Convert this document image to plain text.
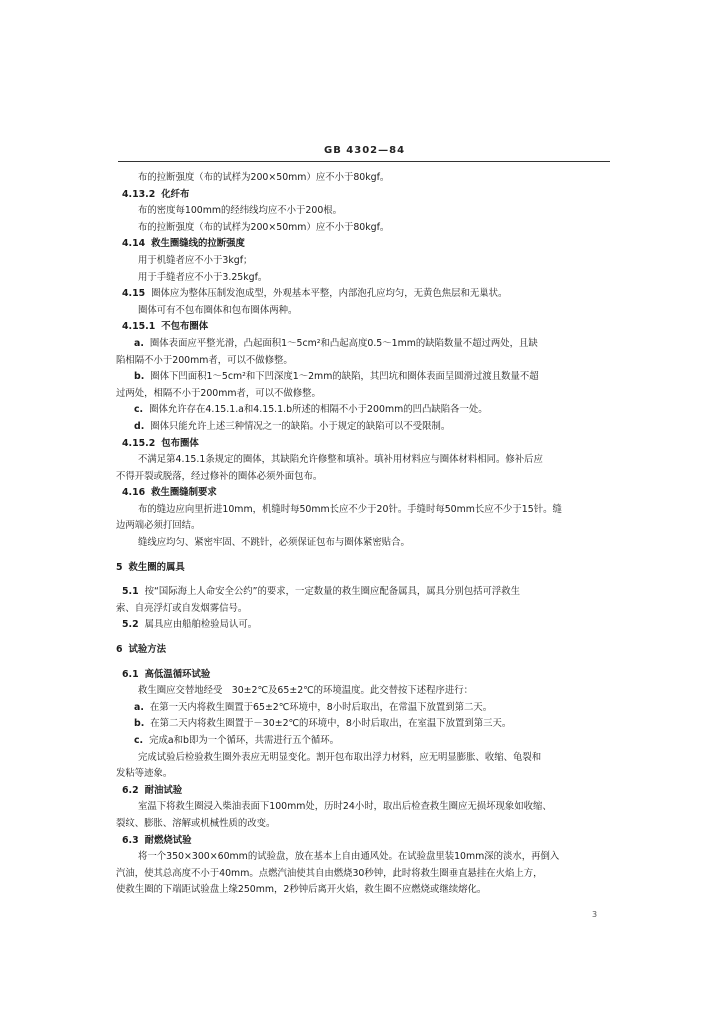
GB 4302—84
布的拉断强度（布的试样为200×50mm）应不小于80kgf。
4.13.2 化纤布
布的密度每100mm的经纬线均应不小于200根。
布的拉断强度（布的试样为200×50mm）应不小于80kgf。
4.14 救生圈缝线的拉断强度
用于机缝者应不小于3kgf；
用于手缝者应不小于3.25kgf。
4.15 圈体应为整体压制发泡成型，外观基本平整，内部泡孔应均匀，无黄色焦层和无巢状。
圈体可有不包布圈体和包布圈体两种。
4.15.1 不包布圈体
a. 圈体表面应平整光滑，凸起面积1～5cm²和凸起高度0.5～1mm的缺陷数量不超过两处，且缺
陷相隔不小于200mm者，可以不做修整。
b. 圈体下凹面积1～5cm²和下凹深度1～2mm的缺陷，其凹坑和圈体表面呈圆滑过渡且数量不超
过两处，相隔不小于200mm者，可以不做修整。
c. 圈体允许存在4.15.1.a和4.15.1.b所述的相隔不小于200mm的凹凸缺陷各一处。
d. 圈体只能允许上述三种情况之一的缺陷。小于规定的缺陷可以不受限制。
4.15.2 包布圈体
不满足第4.15.1条规定的圈体，其缺陷允许修整和填补。填补用材料应与圈体材料相同。修补后应
不得开裂或脱落，经过修补的圈体必须外面包布。
4.16 救生圈缝制要求
布的缝边应向里折进10mm，机缝时每50mm长应不少于20针。手缝时每50mm长应不少于15针。缝
边两端必须打回结。
缝线应均匀、紧密牢固、不跳针，必须保证包布与圈体紧密贴合。
5 救生圈的属具
5.1 按“国际海上人命安全公约”的要求，一定数量的救生圈应配备属具，属具分别包括可浮救生
索、自亮浮灯或自发烟雾信号。
5.2 属具应由船舶检验局认可。
6 试验方法
6.1 高低温循环试验
救生圈应交替地经受　30±2℃及65±2℃的环境温度。此交替按下述程序进行：
a. 在第一天内将救生圈置于65±2℃环境中，8小时后取出，在常温下放置到第二天。
b. 在第二天内将救生圈置于－30±2℃的环境中，8小时后取出，在室温下放置到第三天。
c. 完成a和b即为一个循环，共需进行五个循环。
完成试验后检验救生圈外表应无明显变化。割开包布取出浮力材料，应无明显膨胀、收缩、龟裂和
发粘等迹象。
6.2 耐油试验
室温下将救生圈浸入柴油表面下100mm处，历时24小时，取出后检查救生圈应无损坏现象如收缩、
裂纹、膨胀、溶解或机械性质的改变。
6.3 耐燃烧试验
将一个350×300×60mm的试验盘，放在基本上自由通风处。在试验盘里装10mm深的淡水，再倒入
汽油，使其总高度不小于40mm。点燃汽油使其自由燃烧30秒钟，此时将救生圈垂直悬挂在火焰上方，
使救生圈的下端距试验盘上缘250mm，2秒钟后离开火焰，救生圈不应燃烧或继续熔化。
3
